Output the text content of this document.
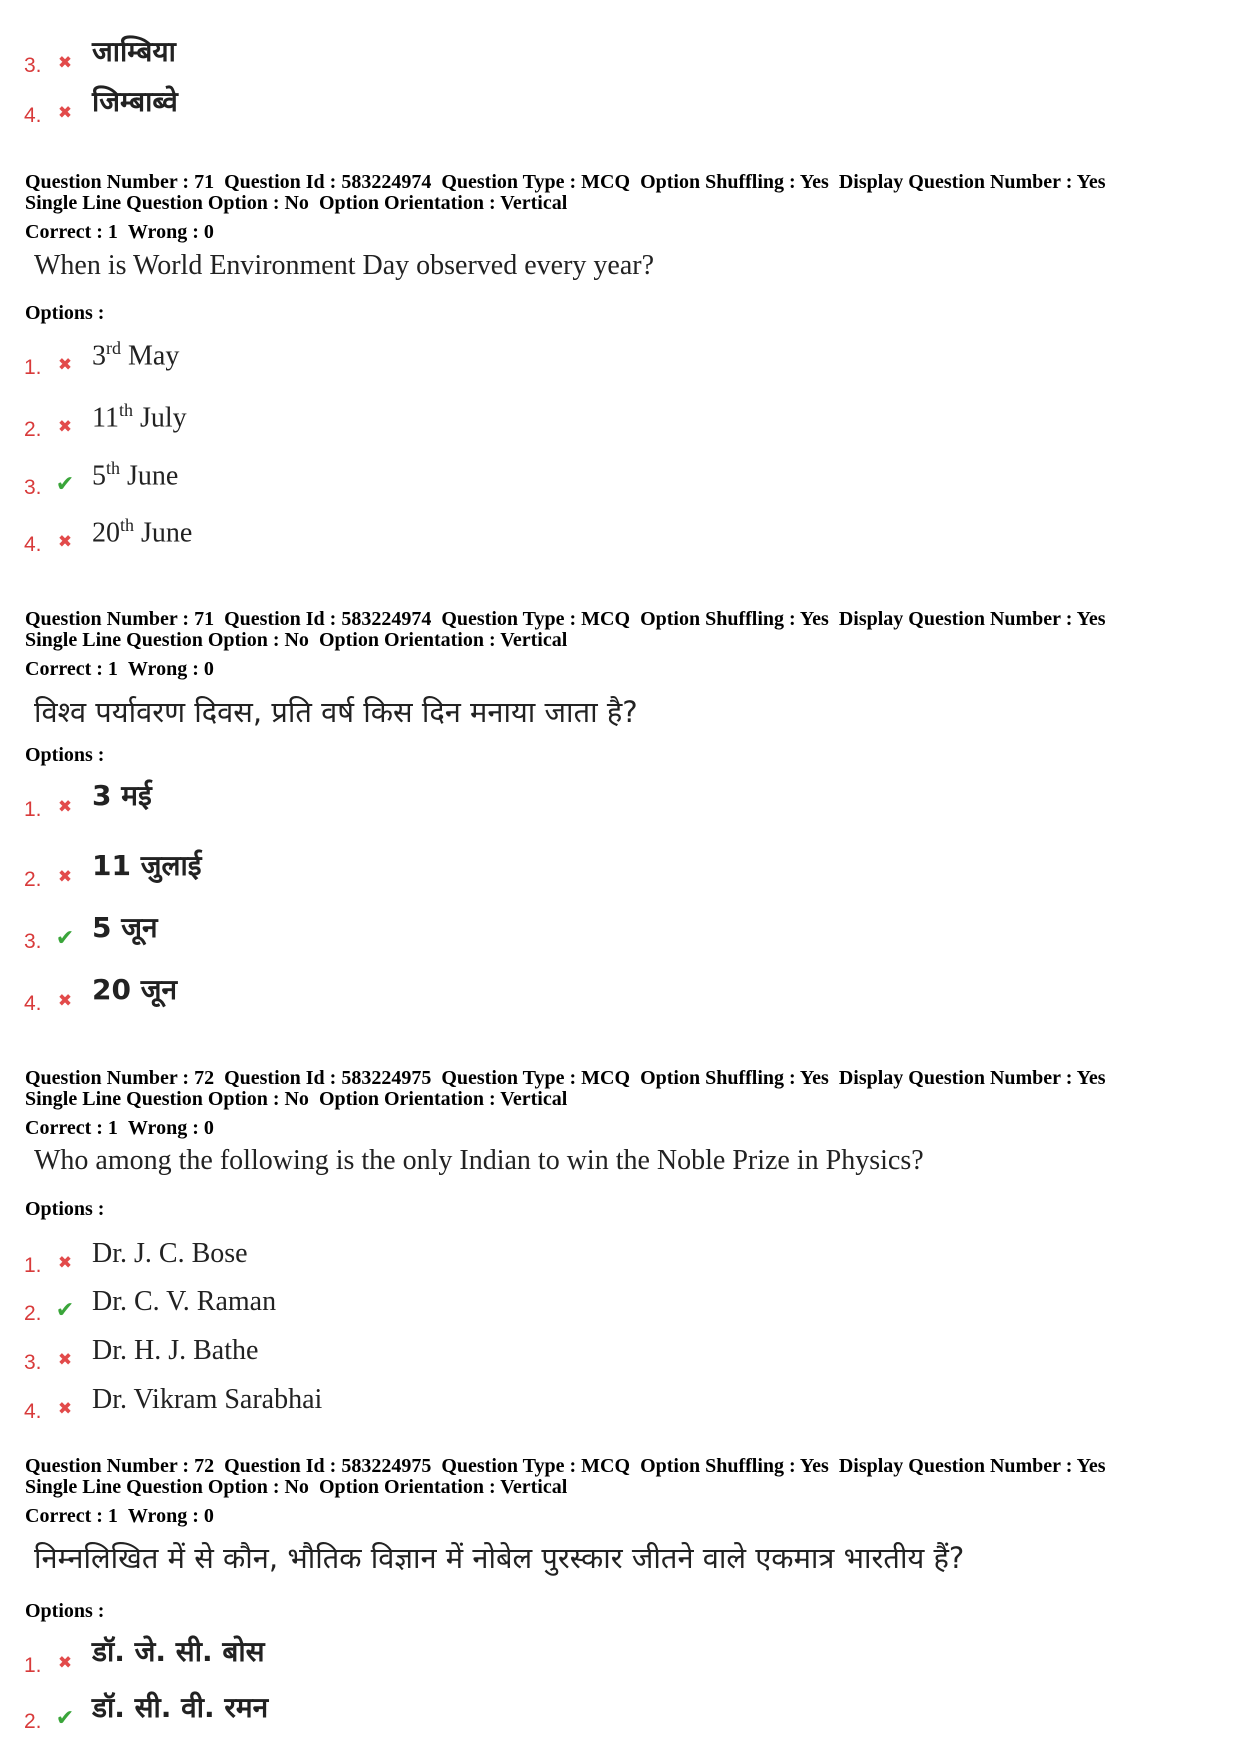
3. ✖ जाम्बिया
4. ✖ जिम्बाब्वे
Question Number : 71 Question Id : 583224974 Question Type : MCQ Option Shuffling : Yes Display Question Number : Yes
Single Line Question Option : No Option Orientation : Vertical
Correct : 1 Wrong : 0
When is World Environment Day observed every year?
Options :
1. ✖ 3rd May
2. ✖ 11th July
3. ✔ 5th June
4. ✖ 20th June
Question Number : 71 Question Id : 583224974 Question Type : MCQ Option Shuffling : Yes Display Question Number : Yes
Single Line Question Option : No Option Orientation : Vertical
Correct : 1 Wrong : 0
विश्व पर्यावरण दिवस, प्रति वर्ष किस दिन मनाया जाता है?
Options :
1. ✖ 3 मई
2. ✖ 11 जुलाई
3. ✔ 5 जून
4. ✖ 20 जून
Question Number : 72 Question Id : 583224975 Question Type : MCQ Option Shuffling : Yes Display Question Number : Yes
Single Line Question Option : No Option Orientation : Vertical
Correct : 1 Wrong : 0
Who among the following is the only Indian to win the Noble Prize in Physics?
Options :
1. ✖ Dr. J. C. Bose
2. ✔ Dr. C. V. Raman
3. ✖ Dr. H. J. Bathe
4. ✖ Dr. Vikram Sarabhai
Question Number : 72 Question Id : 583224975 Question Type : MCQ Option Shuffling : Yes Display Question Number : Yes
Single Line Question Option : No Option Orientation : Vertical
Correct : 1 Wrong : 0
निम्नलिखित में से कौन, भौतिक विज्ञान में नोबेल पुरस्कार जीतने वाले एकमात्र भारतीय हैं?
Options :
1. ✖ डॉ. जे. सी. बोस
2. ✔ डॉ. सी. वी. रमन
